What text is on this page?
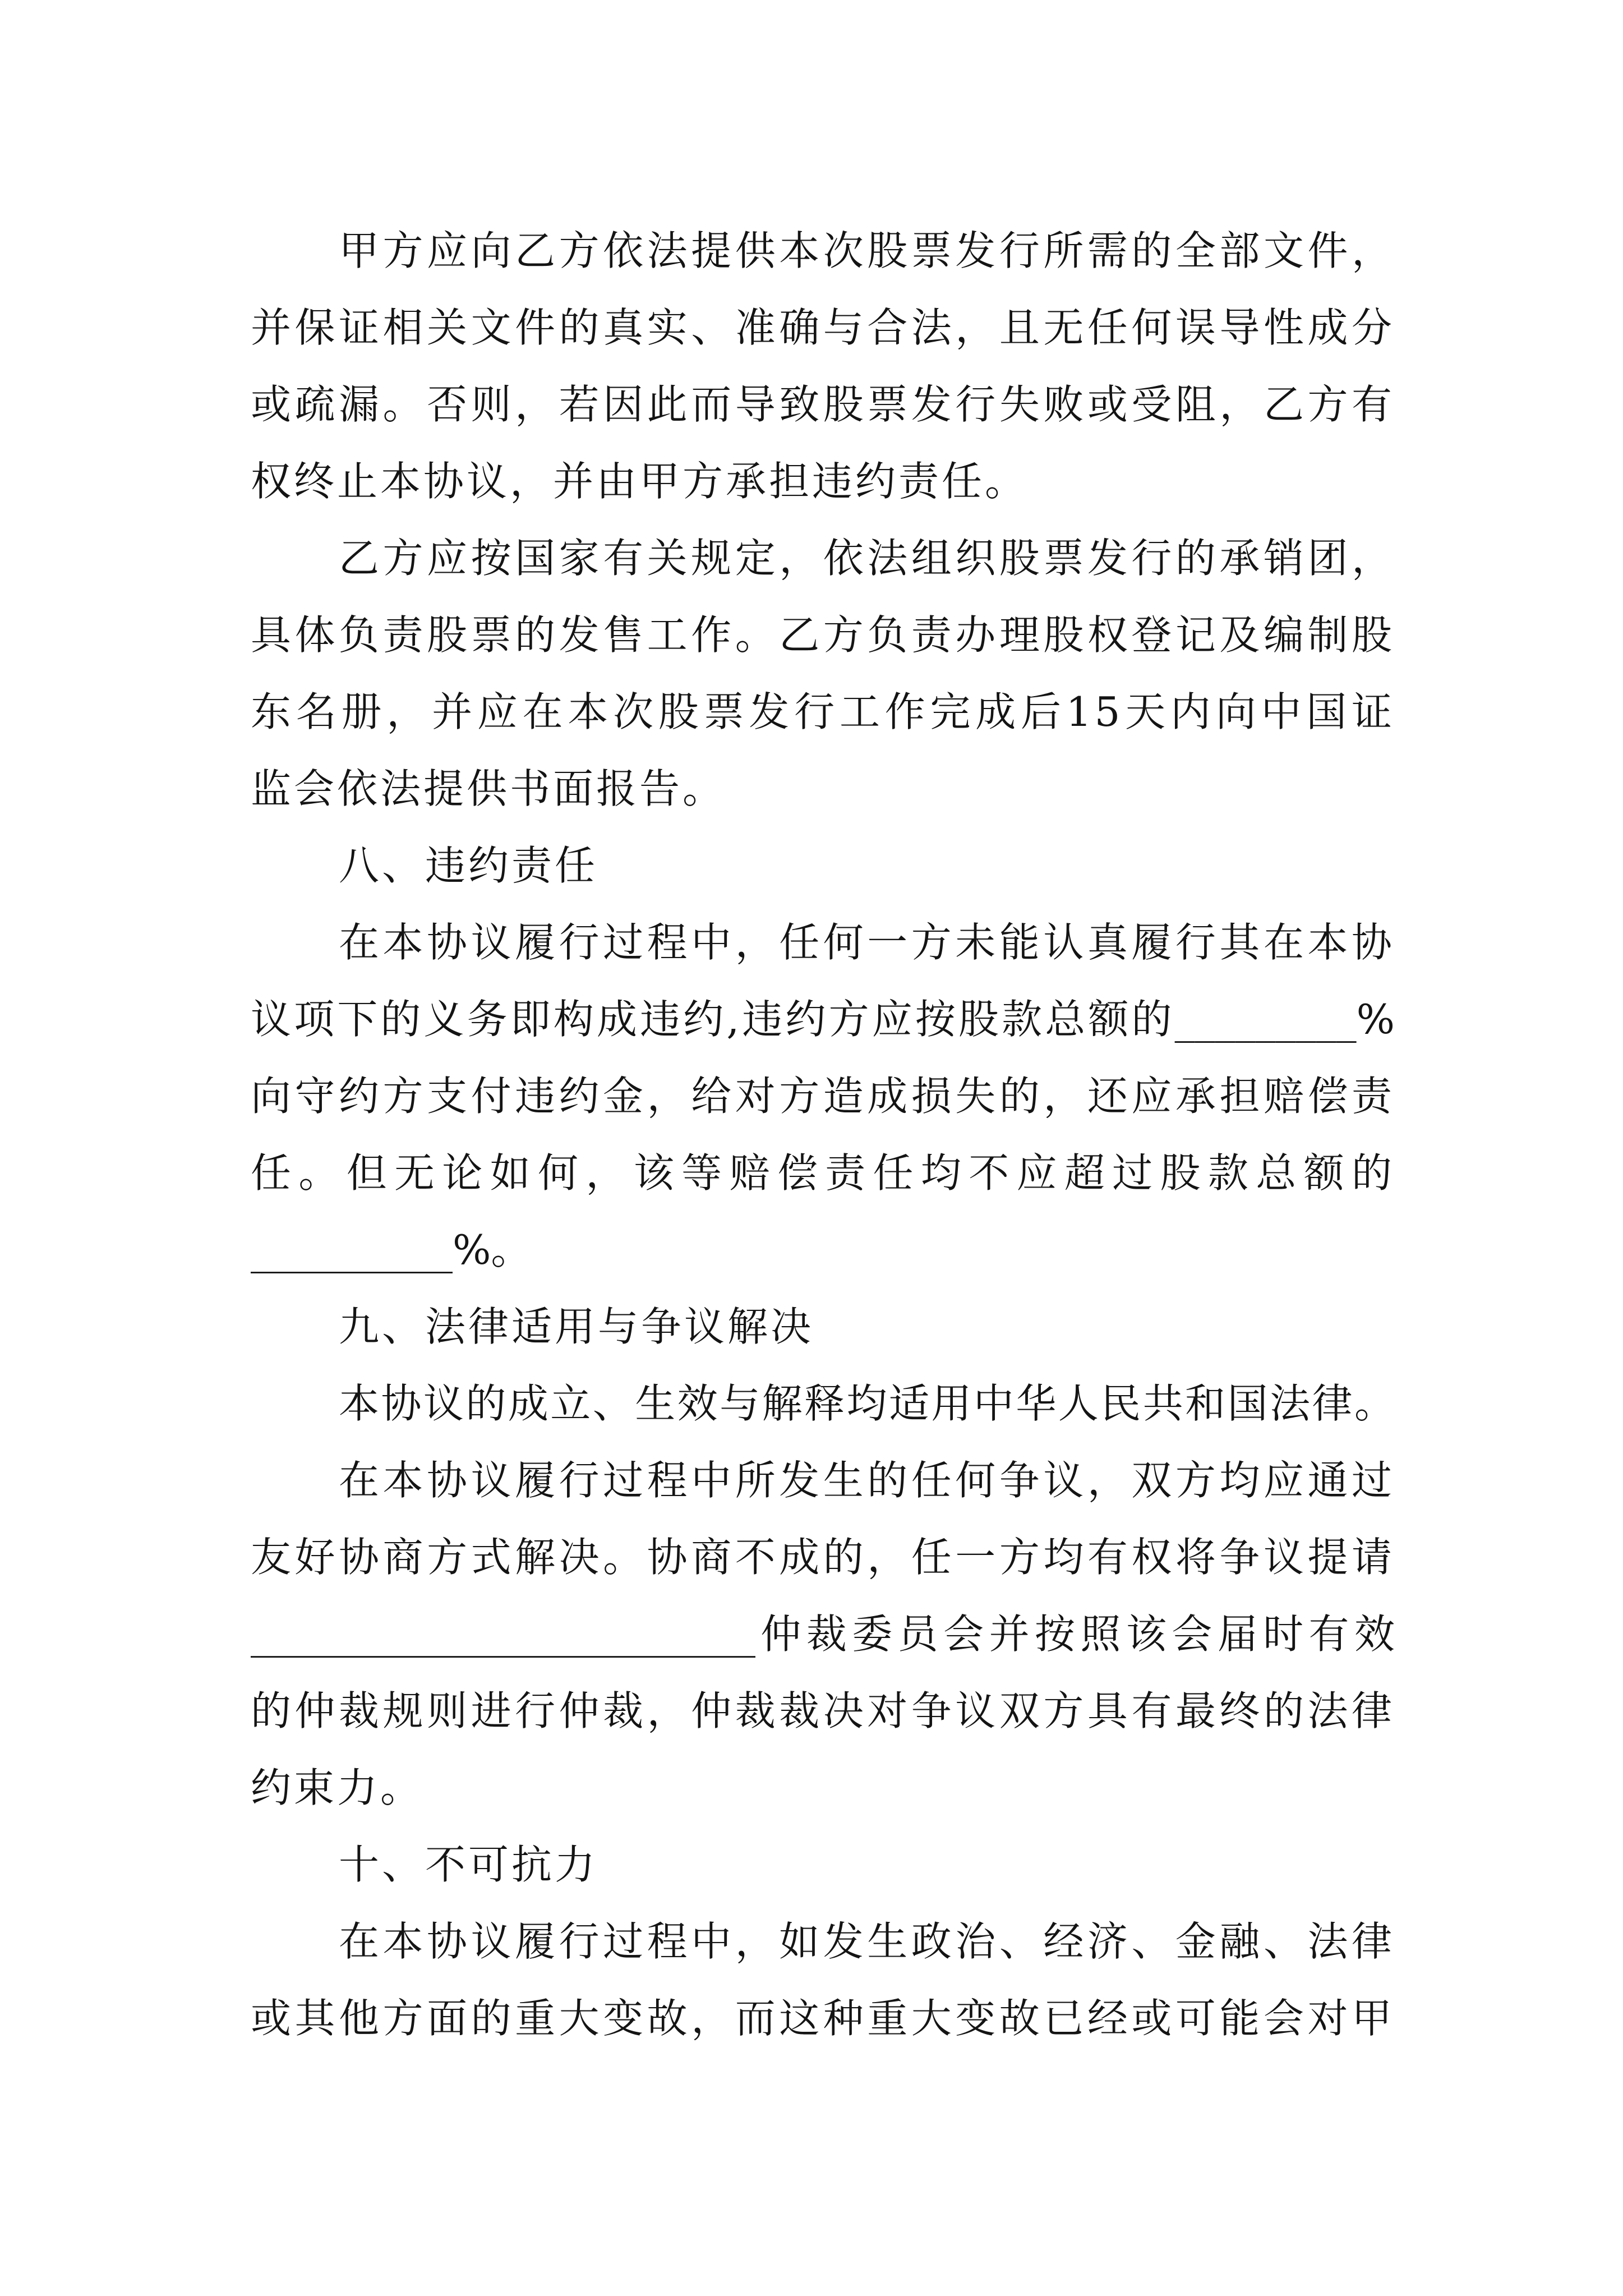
甲方应向乙方依法提供本次股票发行所需的全部文件，
并保证相关文件的真实、准确与合法，且无任何误导性成分
或疏漏。否则，若因此而导致股票发行失败或受阻，乙方有
权终止本协议，并由甲方承担违约责任。
乙方应按国家有关规定，依法组织股票发行的承销团，
具体负责股票的发售工作。乙方负责办理股权登记及编制股
东名册，并应在本次股票发行工作完成后15天内向中国证
监会依法提供书面报告。
八、违约责任
在本协议履行过程中，任何一方未能认真履行其在本协
议项下的义务即构成违约,违约方应按股款总额的_________%
向守约方支付违约金，给对方造成损失的，还应承担赔偿责
任。但无论如何，该等赔偿责任均不应超过股款总额的
__________%。
九、法律适用与争议解决
本协议的成立、生效与解释均适用中华人民共和国法律。
在本协议履行过程中所发生的任何争议，双方均应通过
友好协商方式解决。协商不成的，任一方均有权将争议提请
_________________________仲裁委员会并按照该会届时有效
的仲裁规则进行仲裁，仲裁裁决对争议双方具有最终的法律
约束力。
十、不可抗力
在本协议履行过程中，如发生政治、经济、金融、法律
或其他方面的重大变故，而这种重大变故已经或可能会对甲
